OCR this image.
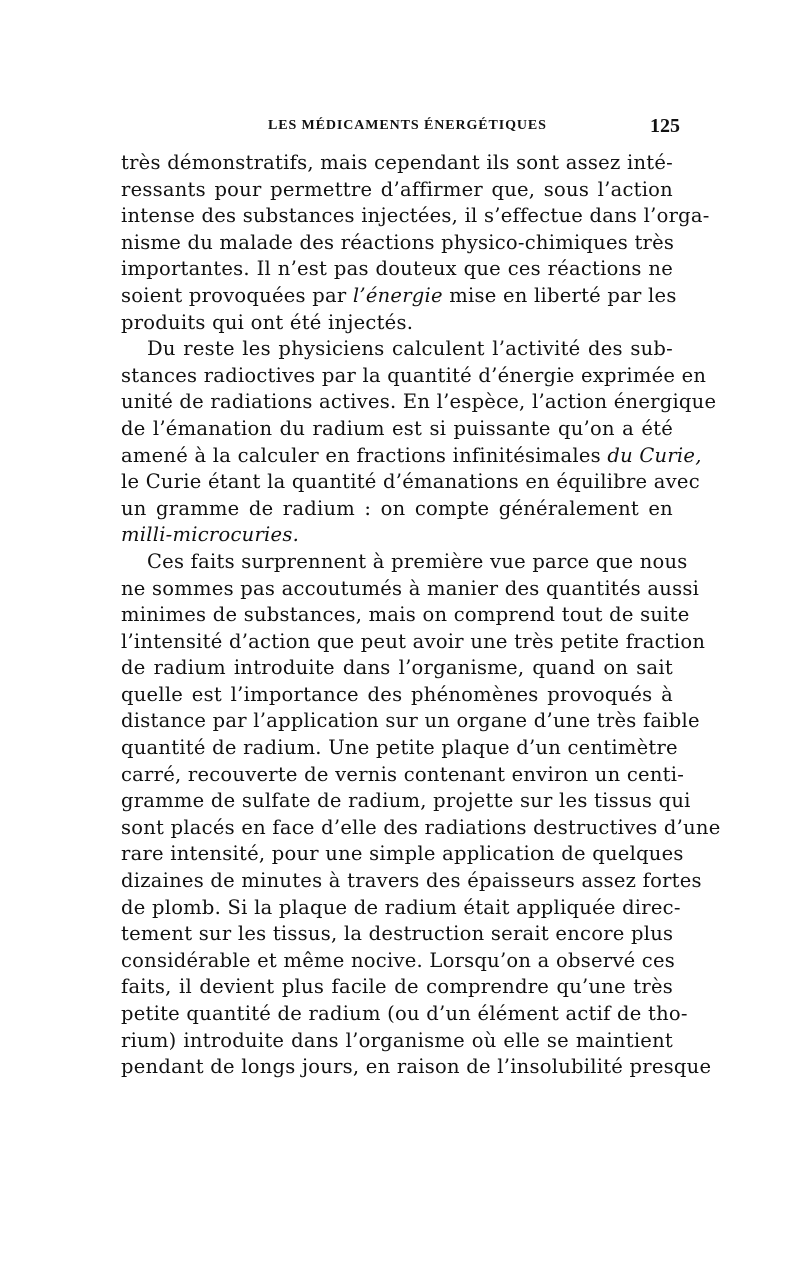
LES MÉDICAMENTS ÉNERGÉTIQUES	125
très démonstratifs, mais cependant ils sont assez inté-
ressants pour permettre d’affirmer que, sous l’action
intense des substances injectées, il s’effectue dans l’orga-
nisme du malade des réactions physico-chimiques très
importantes. Il n’est pas douteux que ces réactions ne
soient provoquées par l’énergie mise en liberté par les
produits qui ont été injectés.
Du reste les physiciens calculent l’activité des sub-
stances radioctives par la quantité d’énergie exprimée en
unité de radiations actives. En l’espèce, l’action énergique
de l’émanation du radium est si puissante qu’on a été
amené à la calculer en fractions infinitésimales du Curie,
le Curie étant la quantité d’émanations en équilibre avec
un gramme de radium : on compte généralement en
milli-microcuries.
Ces faits surprennent à première vue parce que nous
ne sommes pas accoutumés à manier des quantités aussi
minimes de substances, mais on comprend tout de suite
l’intensité d’action que peut avoir une très petite fraction
de radium introduite dans l’organisme, quand on sait
quelle est l’importance des phénomènes provoqués à
distance par l’application sur un organe d’une très faible
quantité de radium. Une petite plaque d’un centimètre
carré, recouverte de vernis contenant environ un centi-
gramme de sulfate de radium, projette sur les tissus qui
sont placés en face d’elle des radiations destructives d’une
rare intensité, pour une simple application de quelques
dizaines de minutes à travers des épaisseurs assez fortes
de plomb. Si la plaque de radium était appliquée direc-
tement sur les tissus, la destruction serait encore plus
considérable et même nocive. Lorsqu’on a observé ces
faits, il devient plus facile de comprendre qu’une très
petite quantité de radium (ou d’un élément actif de tho-
rium) introduite dans l’organisme où elle se maintient
pendant de longs jours, en raison de l’insolubilité presque
